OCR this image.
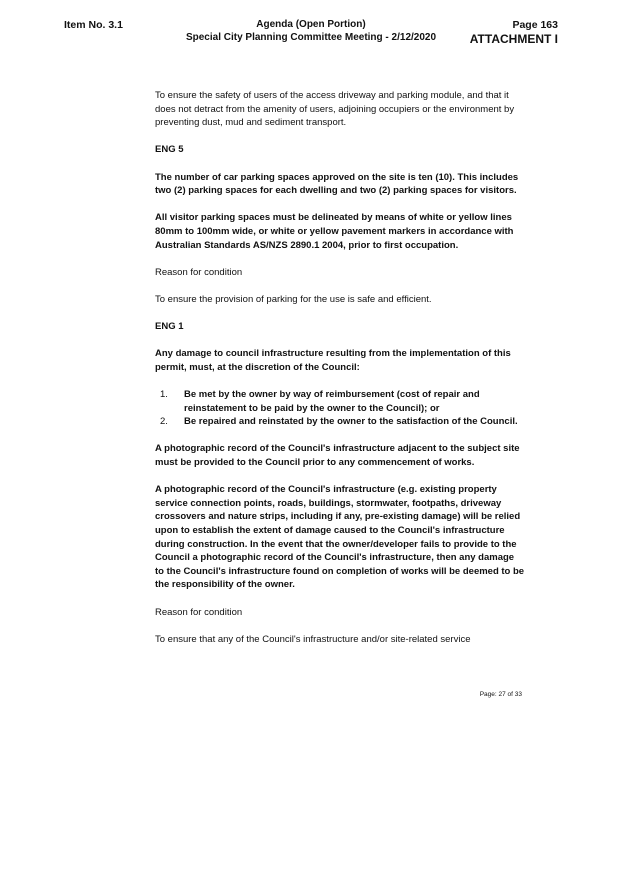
Item No. 3.1	Agenda (Open Portion)
Special City Planning Committee Meeting - 2/12/2020
Page 163
ATTACHMENT I

To ensure the safety of users of the access driveway and parking module, and that it does not detract from the amenity of users, adjoining occupiers or the environment by preventing dust, mud and sediment transport.

ENG 5

The number of car parking spaces approved on the site is ten (10). This includes two (2) parking spaces for each dwelling and two (2) parking spaces for visitors.

All visitor parking spaces must be delineated by means of white or yellow lines 80mm to 100mm wide, or white or yellow pavement markers in accordance with Australian Standards AS/NZS 2890.1 2004, prior to first occupation.

Reason for condition

To ensure the provision of parking for the use is safe and efficient.

ENG 1

Any damage to council infrastructure resulting from the implementation of this permit, must, at the discretion of the Council:

1.	Be met by the owner by way of reimbursement (cost of repair and reinstatement to be paid by the owner to the Council); or
2.	Be repaired and reinstated by the owner to the satisfaction of the Council.

A photographic record of the Council's infrastructure adjacent to the subject site must be provided to the Council prior to any commencement of works.

A photographic record of the Council's infrastructure (e.g. existing property service connection points, roads, buildings, stormwater, footpaths, driveway crossovers and nature strips, including if any, pre-existing damage) will be relied upon to establish the extent of damage caused to the Council's infrastructure during construction. In the event that the owner/developer fails to provide to the Council a photographic record of the Council's infrastructure, then any damage to the Council's infrastructure found on completion of works will be deemed to be the responsibility of the owner.

Reason for condition

To ensure that any of the Council's infrastructure and/or site-related service

Page: 27 of 33
